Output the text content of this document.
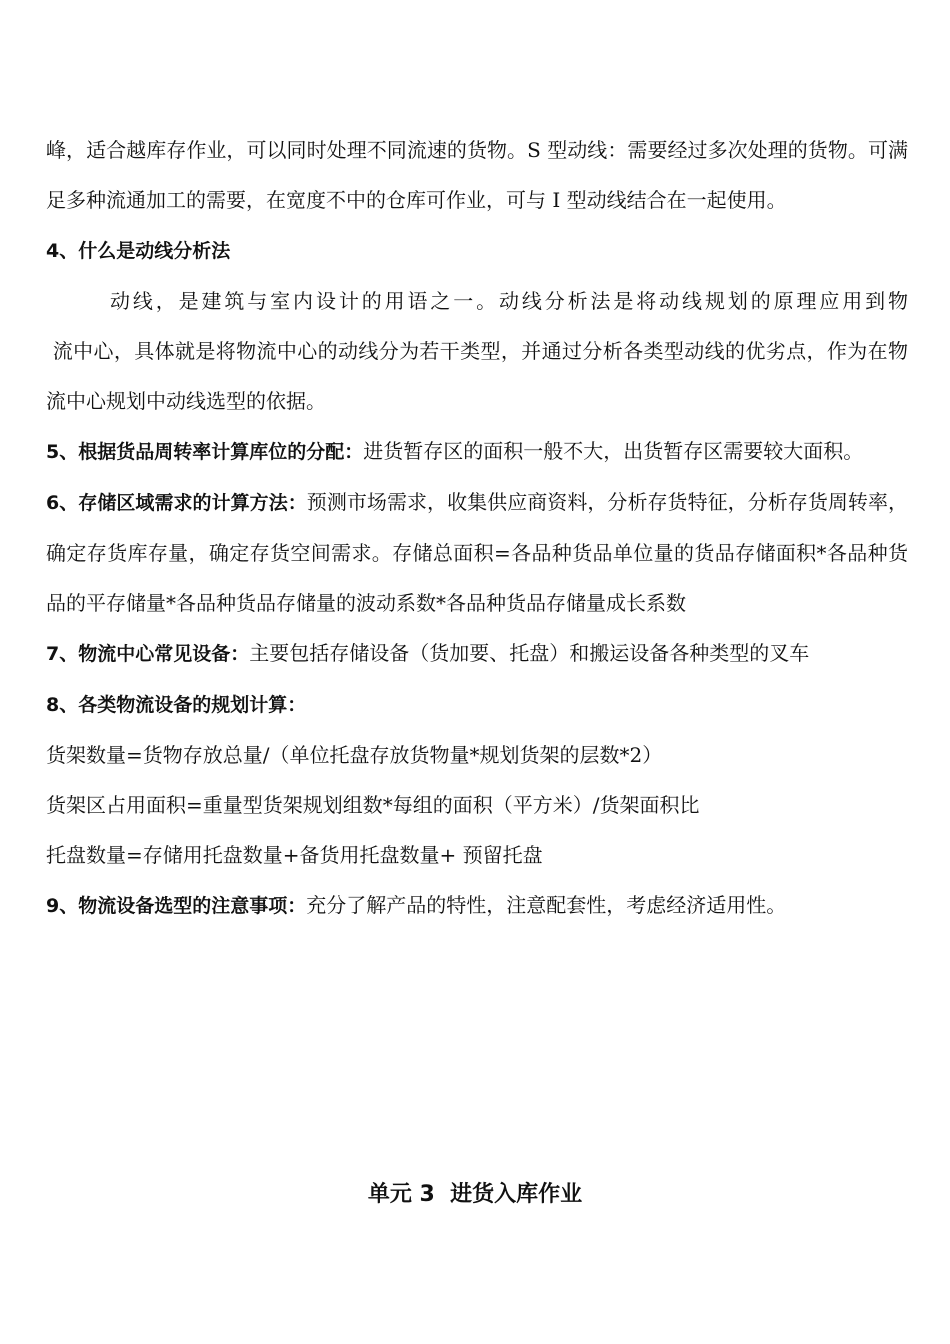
峰，适合越库存作业，可以同时处理不同流速的货物。S 型动线：需要经过多次处理的货物。可满足多种流通加工的需要，在宽度不中的仓库可作业，可与 I 型动线结合在一起使用。

4、什么是动线分析法

动线，是建筑与室内设计的用语之一。动线分析法是将动线规划的原理应用到物

流中心，具体就是将物流中心的动线分为若干类型，并通过分析各类型动线的优劣点，作为在物流中心规划中动线选型的依据。

5、根据货品周转率计算库位的分配：进货暂存区的面积一般不大，出货暂存区需要较大面积。

6、存储区域需求的计算方法：预测市场需求，收集供应商资料，分析存货特征，分析存货周转率，确定存货库存量，确定存货空间需求。存储总面积=各品种货品单位量的货品存储面积*各品种货品的平存储量*各品种货品存储量的波动系数*各品种货品存储量成长系数

7、物流中心常见设备：主要包括存储设备（货加要、托盘）和搬运设备各种类型的叉车

8、各类物流设备的规划计算：

货架数量=货物存放总量/（单位托盘存放货物量*规划货架的层数*2）

货架区占用面积=重量型货架规划组数*每组的面积（平方米）/货架面积比

托盘数量=存储用托盘数量+备货用托盘数量+ 预留托盘

9、物流设备选型的注意事项：充分了解产品的特性，注意配套性，考虑经济适用性。

单元 3  进货入库作业
